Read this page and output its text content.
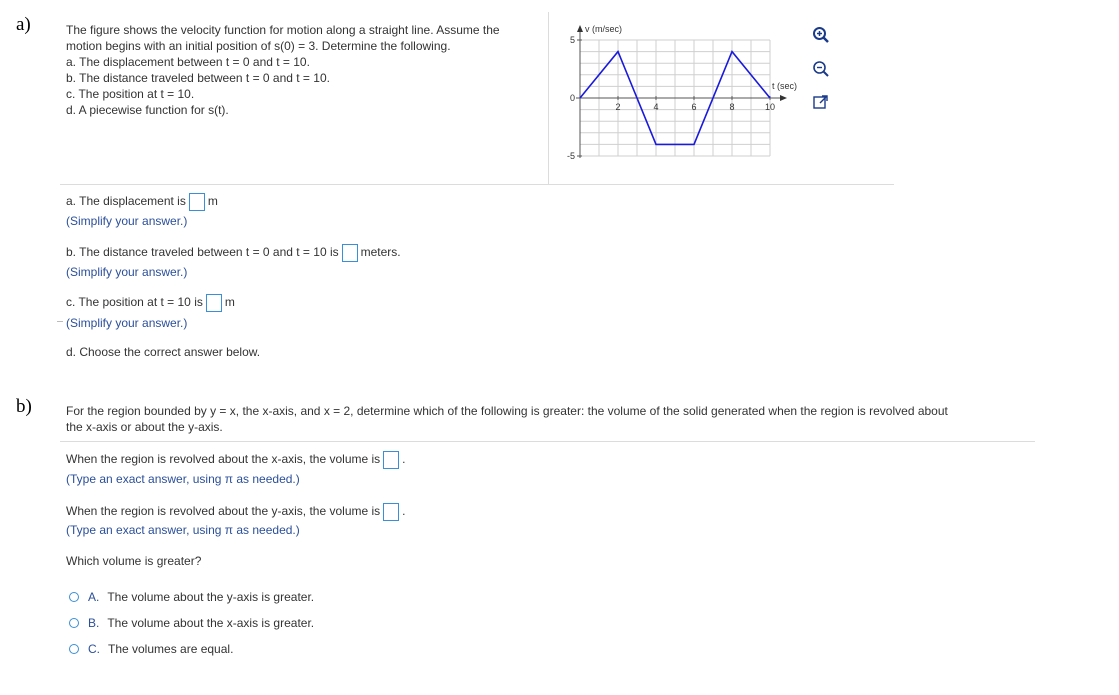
a)	The figure shows the velocity function for motion along a straight line. Assume the
motion begins with an initial position of s(0) = 3. Determine the following.
a. The displacement between t = 0 and t = 10.
b. The distance traveled between t = 0 and t = 10.
c. The position at t = 10.
d. A piecewise function for s(t).	2	4	6	8	10
5
0
-5
v (m/sec)
t (sec)
a. The displacement is m
(Simplify your answer.)
b. The distance traveled between t = 0 and t = 10 is meters.
(Simplify your answer.)
c. The position at t = 10 is m
(Simplify your answer.)
d. Choose the correct answer below.
b)	For the region bounded by y = x, the x-axis, and x = 2, determine which of the following is greater: the volume of the solid generated when the region is revolved about
the x-axis or about the y-axis.
When the region is revolved about the x-axis, the volume is .
(Type an exact answer, using π as needed.)
When the region is revolved about the y-axis, the volume is .
(Type an exact answer, using π as needed.)
Which volume is greater?
A. The volume about the y-axis is greater.
B. The volume about the x-axis is greater.
C. The volumes are equal.
